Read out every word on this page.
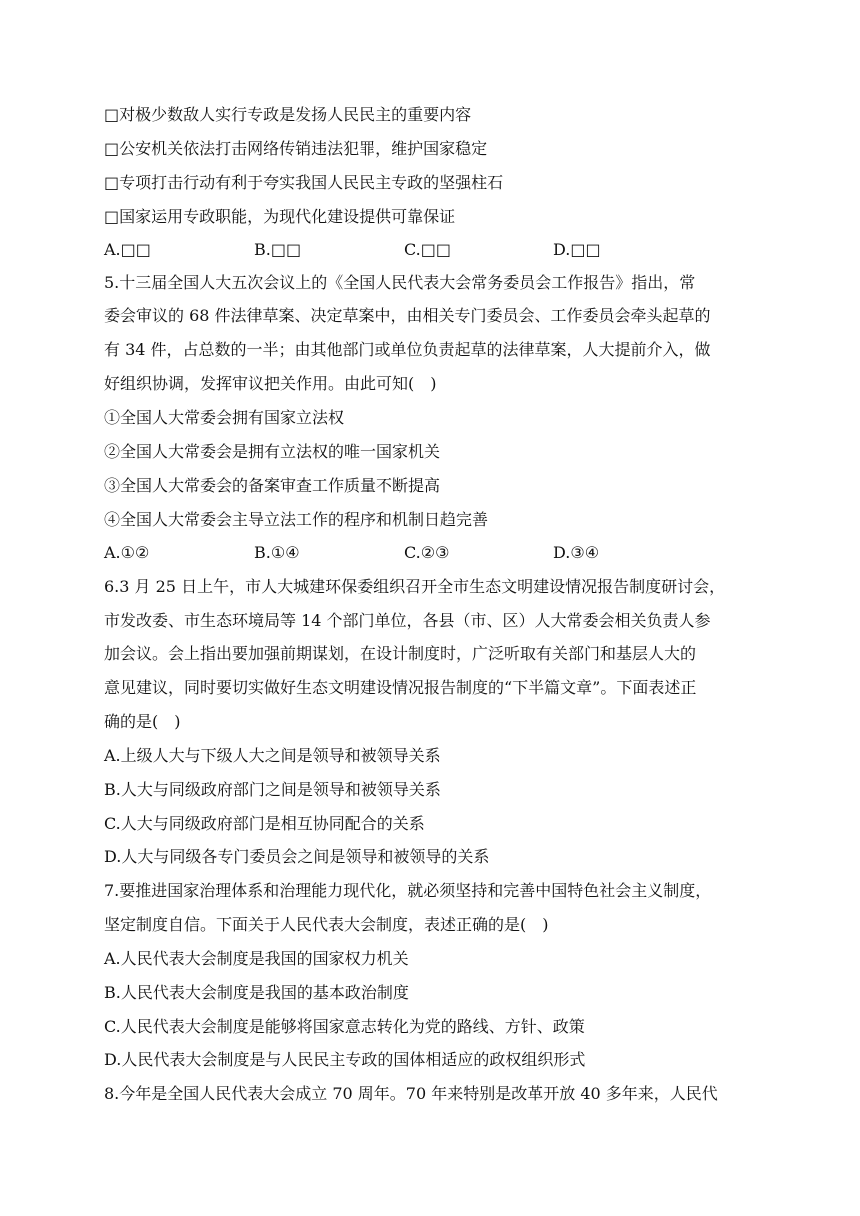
□对极少数敌人实行专政是发扬人民民主的重要内容
□公安机关依法打击网络传销违法犯罪，维护国家稳定
□专项打击行动有利于夸实我国人民民主专政的坚强柱石
□国家运用专政职能，为现代化建设提供可靠保证
A.□□	B.□□	C.□□	D.□□
5.十三届全国人大五次会议上的《全国人民代表大会常务委员会工作报告》指出，常
委会审议的 68 件法律草案、决定草案中，由相关专门委员会、工作委员会牵头起草的
有 34 件，占总数的一半；由其他部门或单位负责起草的法律草案，人大提前介入，做
好组织协调，发挥审议把关作用。由此可知( )
①全国人大常委会拥有国家立法权
②全国人大常委会是拥有立法权的唯一国家机关
③全国人大常委会的备案审查工作质量不断提高
④全国人大常委会主导立法工作的程序和机制日趋完善
A.①②	B.①④	C.②③	D.③④
6.3 月 25 日上午，市人大城建环保委组织召开全市生态文明建设情况报告制度研讨会，
市发改委、市生态环境局等 14 个部门单位，各县（市、区）人大常委会相关负责人参
加会议。会上指出要加强前期谋划，在设计制度时，广泛听取有关部门和基层人大的
意见建议，同时要切实做好生态文明建设情况报告制度的“下半篇文章”。下面表述正
确的是( )
A.上级人大与下级人大之间是领导和被领导关系
B.人大与同级政府部门之间是领导和被领导关系
C.人大与同级政府部门是相互协同配合的关系
D.人大与同级各专门委员会之间是领导和被领导的关系
7.要推进国家治理体系和治理能力现代化，就必须坚持和完善中国特色社会主义制度，
坚定制度自信。下面关于人民代表大会制度，表述正确的是( )
A.人民代表大会制度是我国的国家权力机关
B.人民代表大会制度是我国的基本政治制度
C.人民代表大会制度是能够将国家意志转化为党的路线、方针、政策
D.人民代表大会制度是与人民民主专政的国体相适应的政权组织形式
8.今年是全国人民代表大会成立 70 周年。70 年来特别是改革开放 40 多年来，人民代
